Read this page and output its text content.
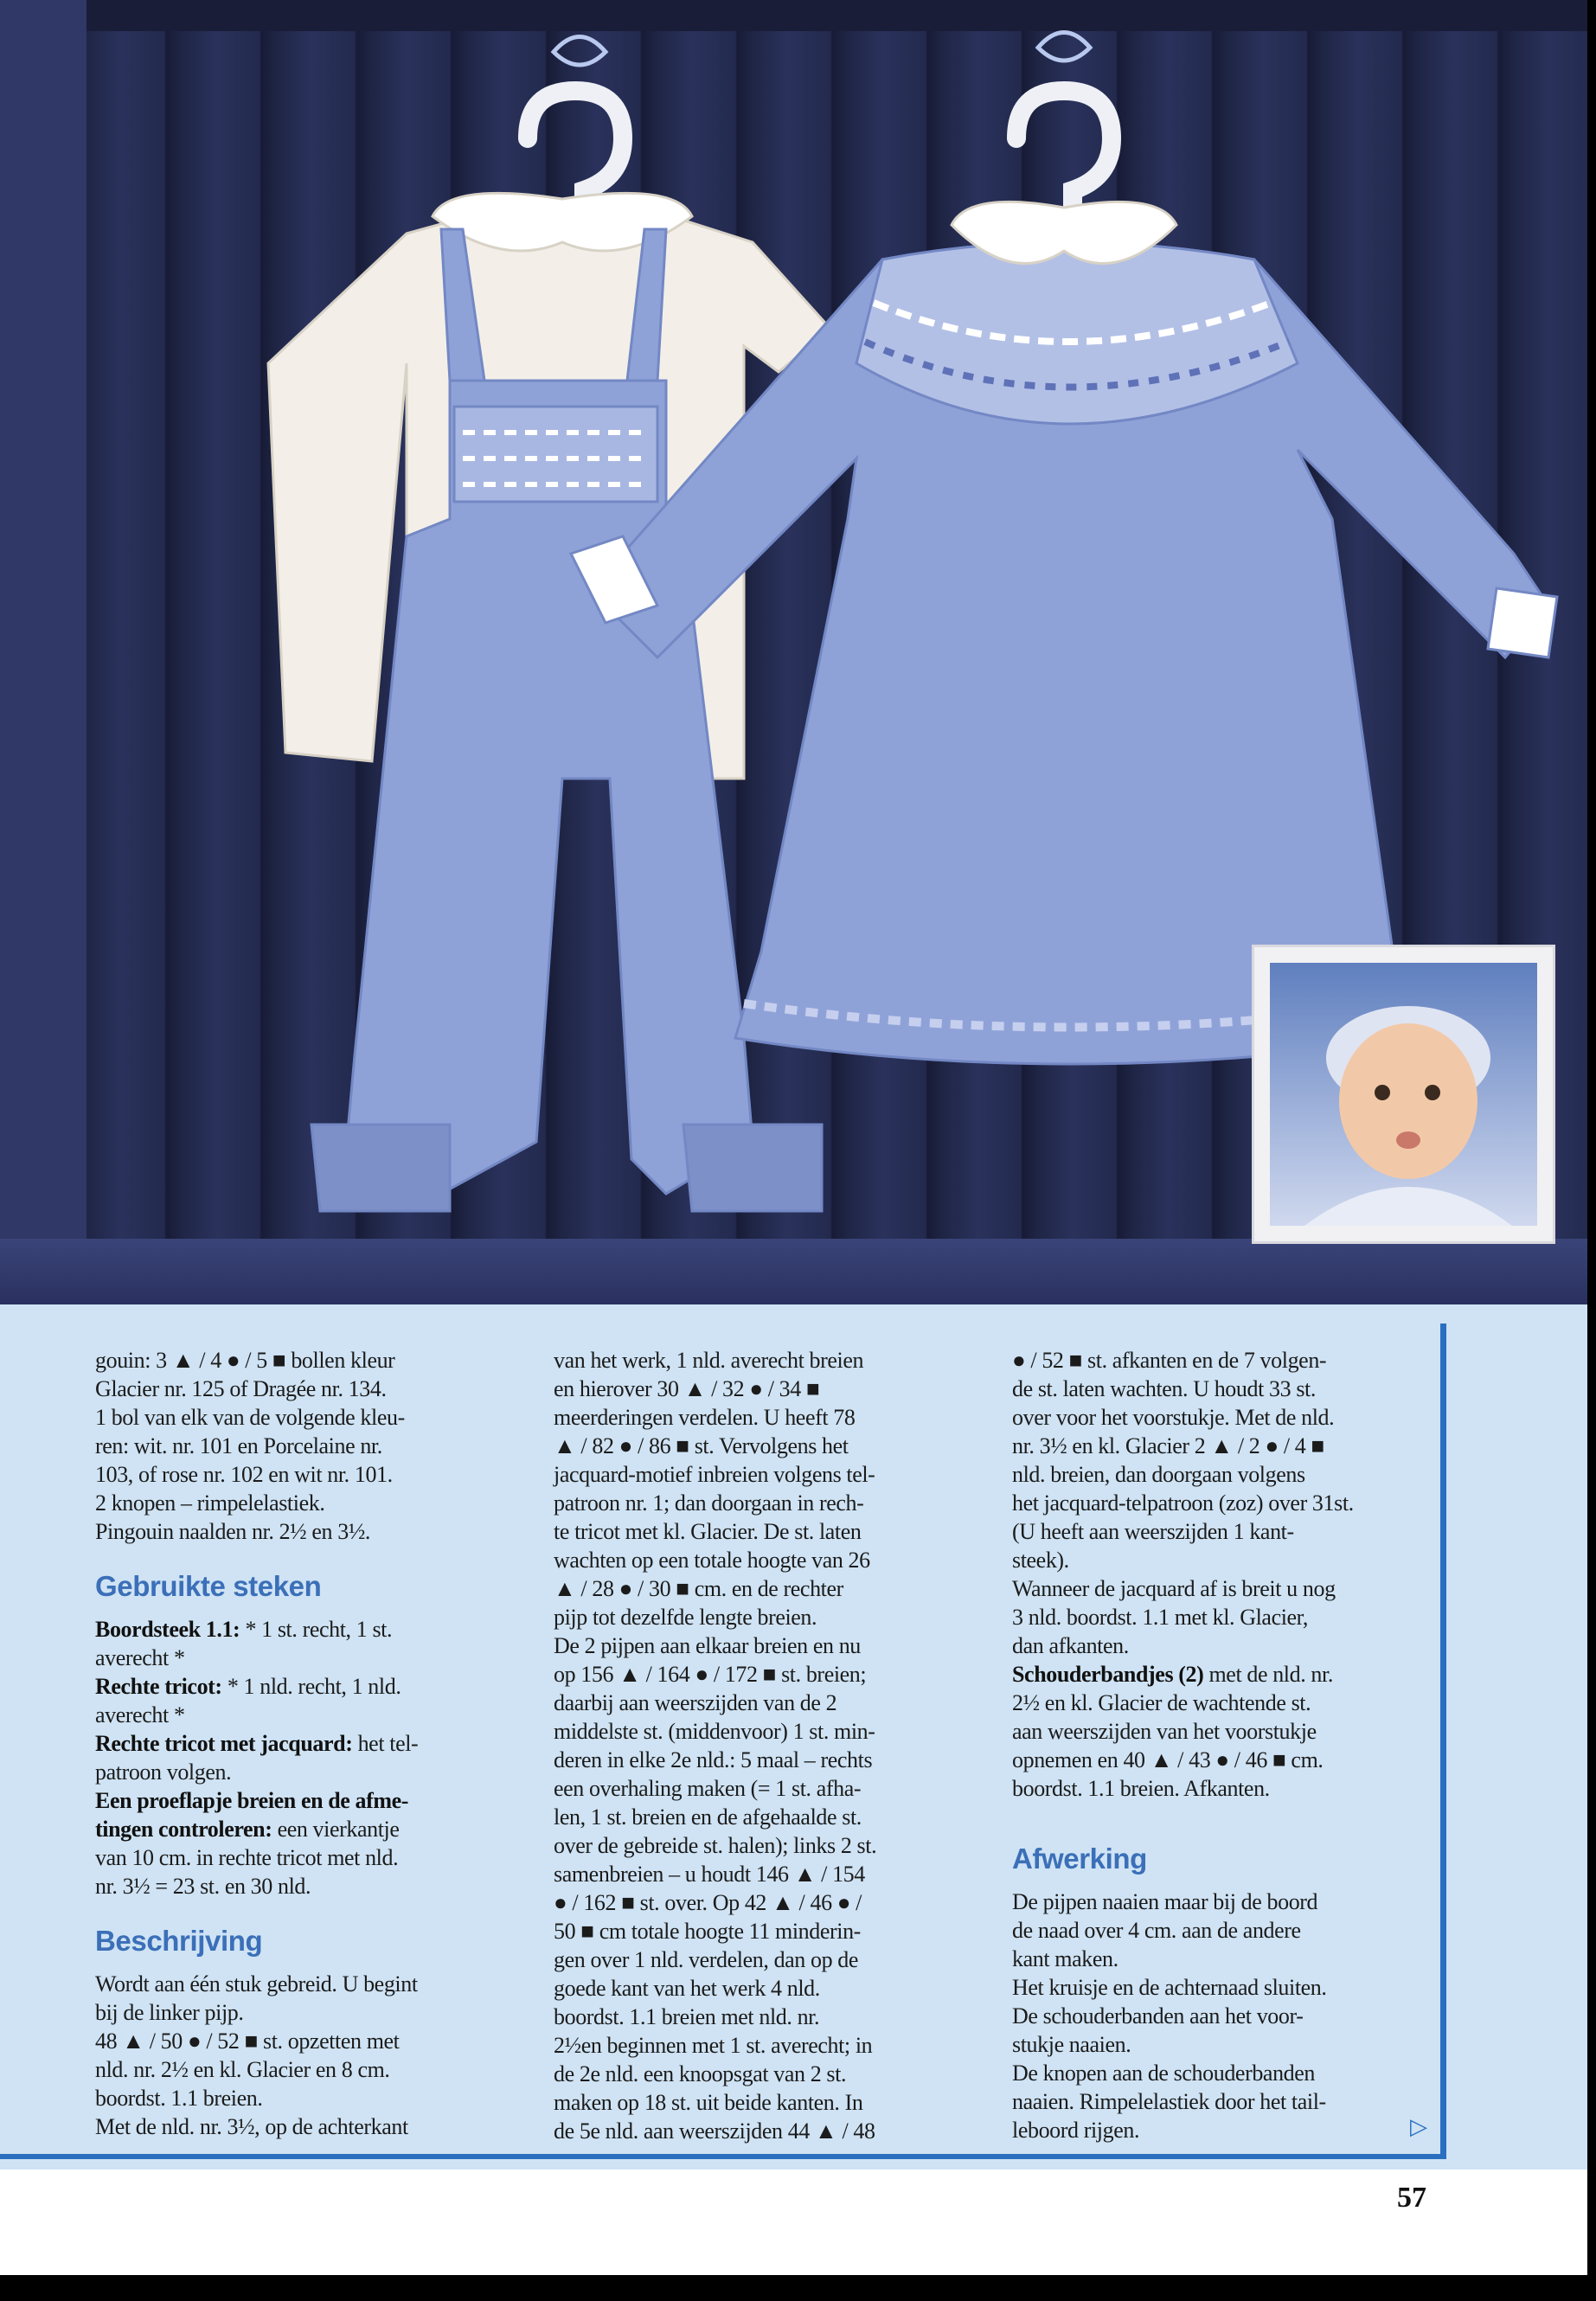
gouin: 3 ▲ / 4 ● / 5 ■ bollen kleur

Glacier nr. 125 of Dragée nr. 134.

1 bol van elk van de volgende kleu-

ren: wit. nr. 101 en Porcelaine nr.

103, of rose nr. 102 en wit nr. 101.

2 knopen – rimpelelastiek.

Pingouin naalden nr. 2½ en 3½.

Gebruikte steken

Boordsteek 1.1: * 1 st. recht, 1 st.

averecht *

Rechte tricot: * 1 nld. recht, 1 nld.

averecht *

Rechte tricot met jacquard: het tel-

patroon volgen.

Een proeflapje breien en de afme-

tingen controleren: een vierkantje

van 10 cm. in rechte tricot met nld.

nr. 3½ = 23 st. en 30 nld.

Beschrijving

Wordt aan één stuk gebreid. U begint

bij de linker pijp.

48 ▲ / 50 ● / 52 ■ st. opzetten met

nld. nr. 2½ en kl. Glacier en 8 cm.

boordst. 1.1 breien.

Met de nld. nr. 3½, op de achterkant

van het werk, 1 nld. averecht breien

en hierover 30 ▲ / 32 ● / 34 ■

meerderingen verdelen. U heeft 78

▲ / 82 ● / 86 ■ st. Vervolgens het

jacquard-motief inbreien volgens tel-

patroon nr. 1; dan doorgaan in rech-

te tricot met kl. Glacier. De st. laten

wachten op een totale hoogte van 26

▲ / 28 ● / 30 ■ cm. en de rechter

pijp tot dezelfde lengte breien.

De 2 pijpen aan elkaar breien en nu

op 156 ▲ / 164 ● / 172 ■ st. breien;

daarbij aan weerszijden van de 2

middelste st. (middenvoor) 1 st. min-

deren in elke 2e nld.: 5 maal – rechts

een overhaling maken (= 1 st. afha-

len, 1 st. breien en de afgehaalde st.

over de gebreide st. halen); links 2 st.

samenbreien – u houdt 146 ▲ / 154

● / 162 ■ st. over. Op 42 ▲ / 46 ● /

50 ■ cm totale hoogte 11 minderin-

gen over 1 nld. verdelen, dan op de

goede kant van het werk 4 nld.

boordst. 1.1 breien met nld. nr.

2½en beginnen met 1 st. averecht; in

de 2e nld. een knoopsgat van 2 st.

maken op 18 st. uit beide kanten. In

de 5e nld. aan weerszijden 44 ▲ / 48

● / 52 ■ st. afkanten en de 7 volgen-

de st. laten wachten. U houdt 33 st.

over voor het voorstukje. Met de nld.

nr. 3½ en kl. Glacier 2 ▲ / 2 ● / 4 ■

nld. breien, dan doorgaan volgens

het jacquard-telpatroon (zoz) over 31st.

(U heeft aan weerszijden 1 kant-

steek).

Wanneer de jacquard af is breit u nog

3 nld. boordst. 1.1 met kl. Glacier,

dan afkanten.

Schouderbandjes (2) met de nld. nr.

2½ en kl. Glacier de wachtende st.

aan weerszijden van het voorstukje

opnemen en 40 ▲ / 43 ● / 46 ■ cm.

boordst. 1.1 breien. Afkanten.

Afwerking

De pijpen naaien maar bij de boord

de naad over 4 cm. aan de andere

kant maken.

Het kruisje en de achternaad sluiten.

De schouderbanden aan het voor-

stukje naaien.

De knopen aan de schouderbanden

naaien. Rimpelelastiek door het tail-

leboord rijgen.	▷
57
